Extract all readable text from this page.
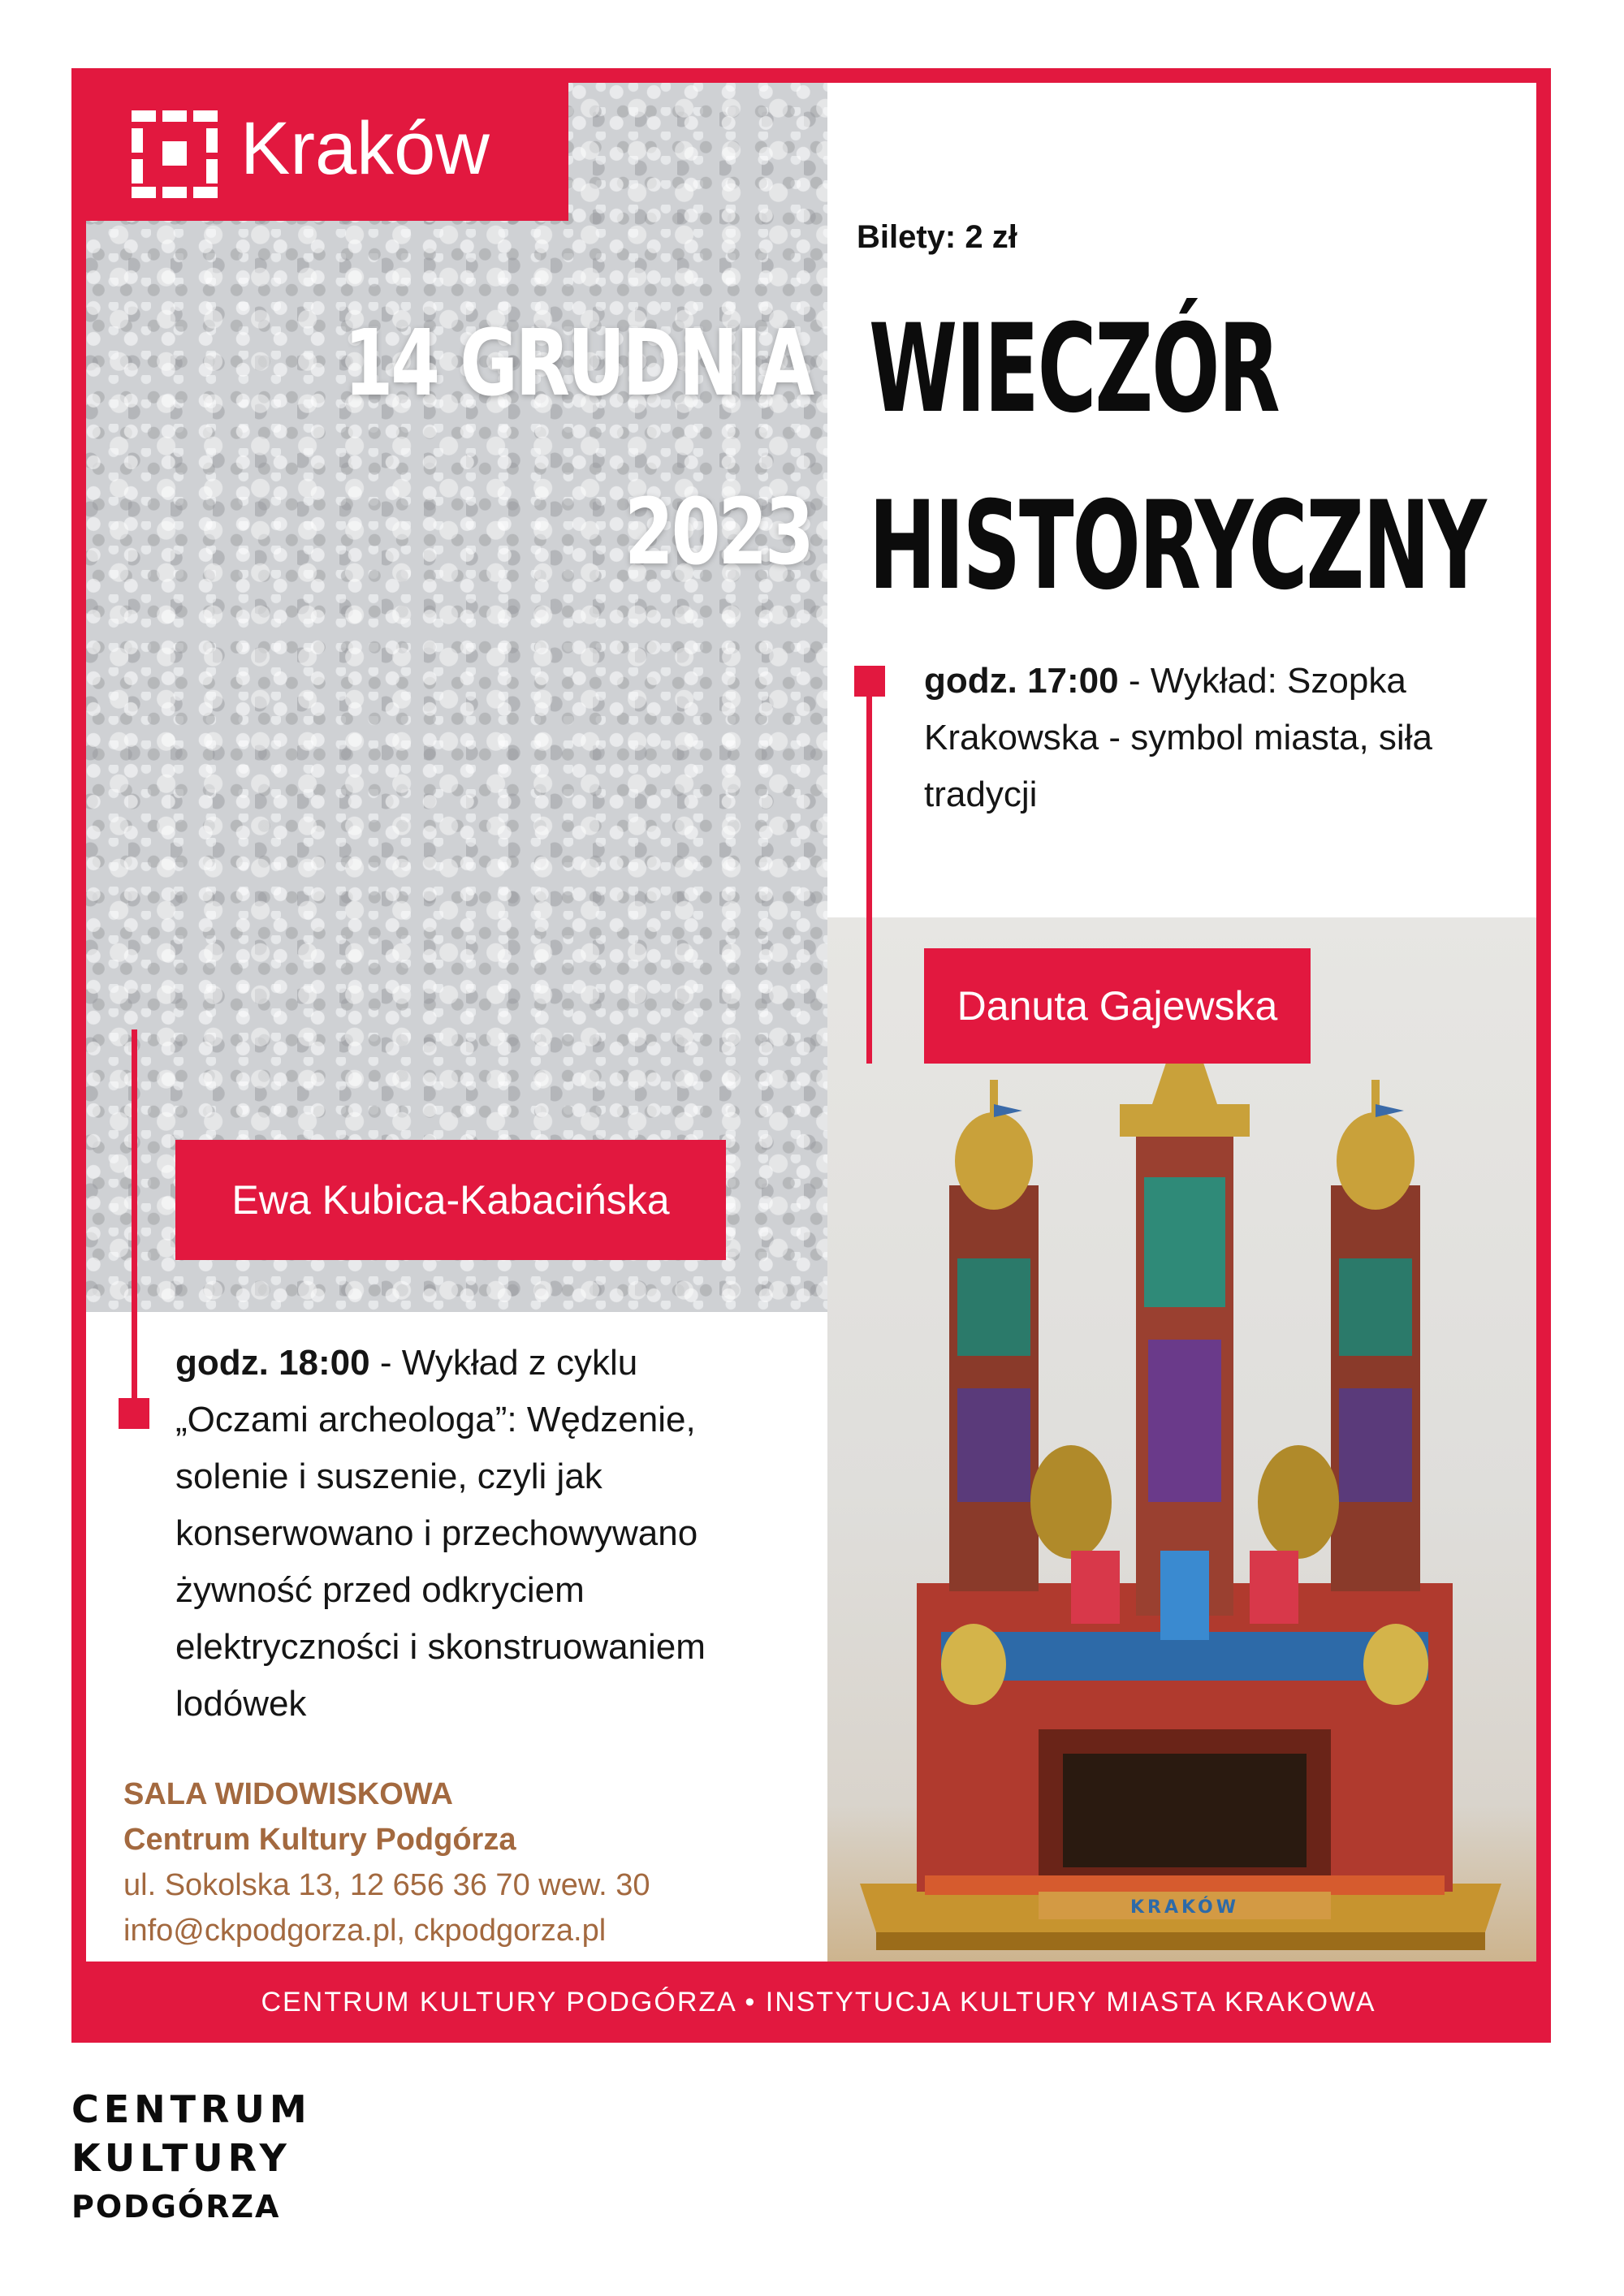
KRAKÓW
Kraków
Bilety: 2 zł
14 GRUDNIA
2023
WIECZÓR
HISTORYCZNY
godz. 17:00 - Wykład: Szopka
Krakowska - symbol miasta, siła
tradycji
Danuta Gajewska
Ewa Kubica-Kabacińska
godz. 18:00 - Wykład z cyklu
„Oczami archeologa”: Wędzenie,
solenie i suszenie, czyli jak
konserwowano i przechowywano
żywność przed odkryciem
elektryczności i skonstruowaniem
lodówek
SALA WIDOWISKOWA
Centrum Kultury Podgórza
ul. Sokolska 13, 12 656 36 70 wew. 30
info@ckpodgorza.pl, ckpodgorza.pl
CENTRUM KULTURY PODGÓRZA • INSTYTUCJA KULTURY MIASTA KRAKOWA
CENTRUM
KULTURY
PODGÓRZA
